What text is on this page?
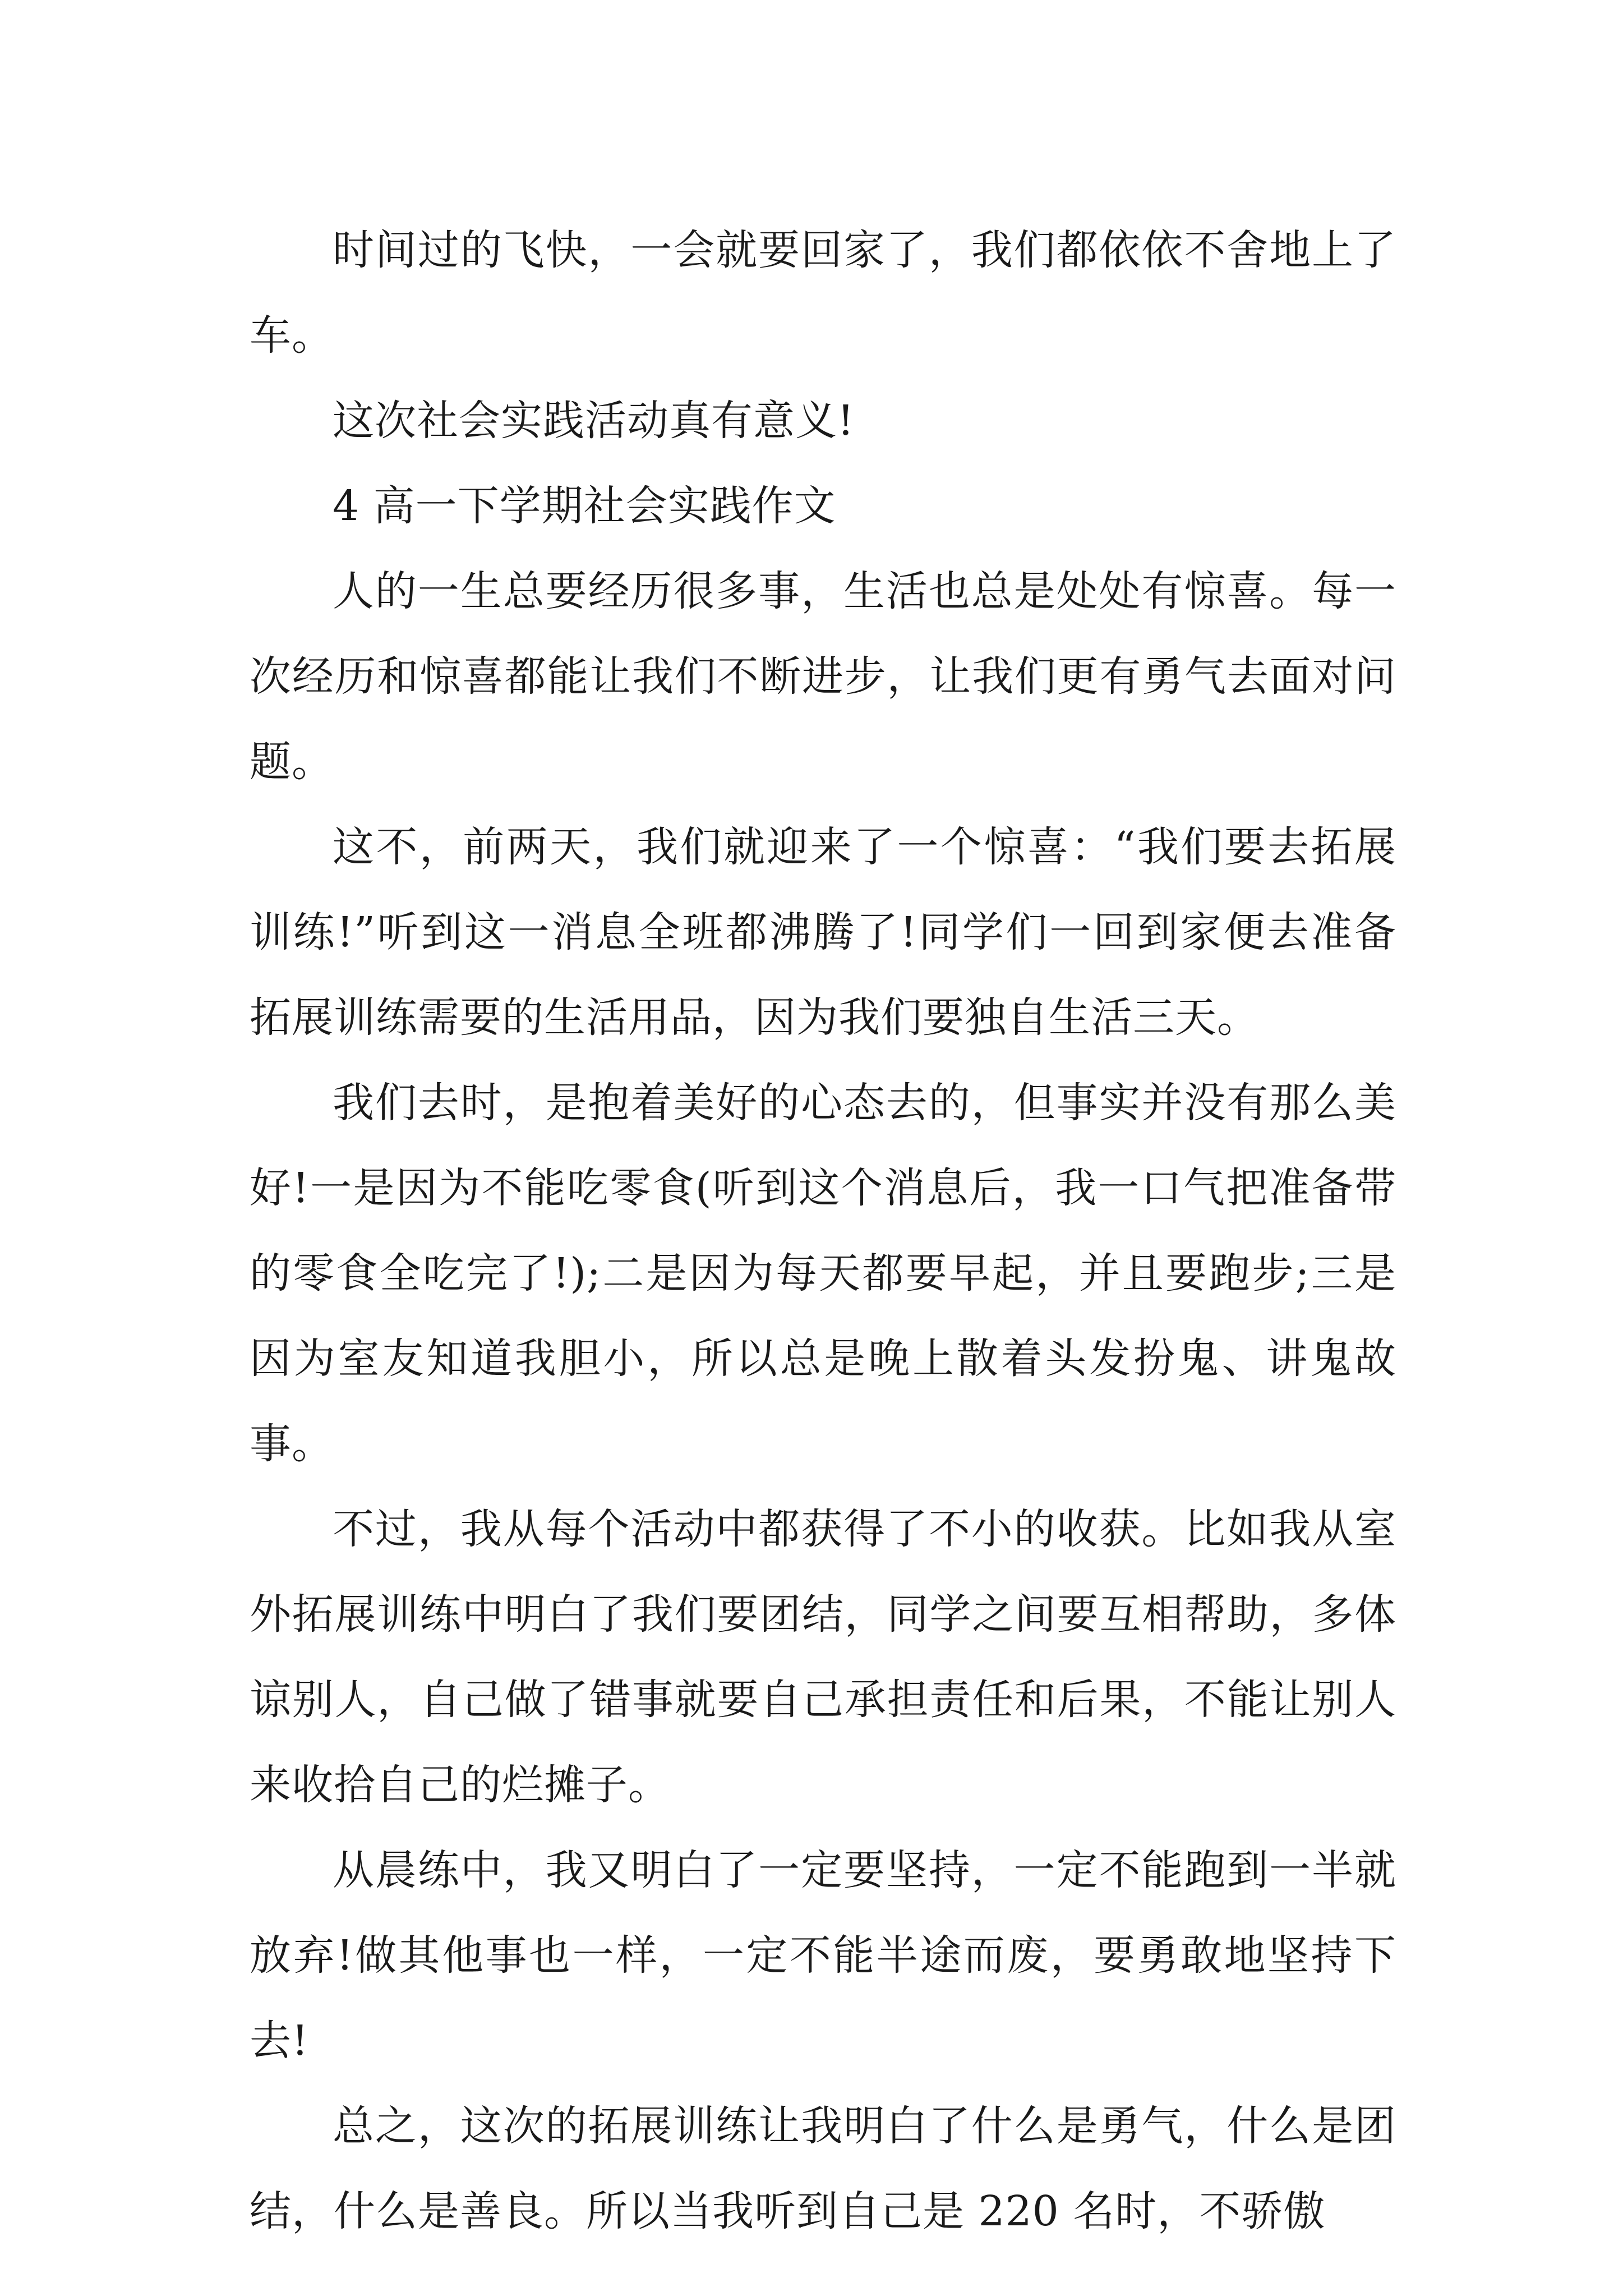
时间过的飞快，一会就要回家了，我们都依依不舍地上了车。

这次社会实践活动真有意义!

4 高一下学期社会实践作文

人的一生总要经历很多事，生活也总是处处有惊喜。每一次经历和惊喜都能让我们不断进步，让我们更有勇气去面对问题。

这不，前两天，我们就迎来了一个惊喜：“我们要去拓展训练!”听到这一消息全班都沸腾了!同学们一回到家便去准备拓展训练需要的生活用品，因为我们要独自生活三天。

我们去时，是抱着美好的心态去的，但事实并没有那么美好!一是因为不能吃零食(听到这个消息后，我一口气把准备带的零食全吃完了!);二是因为每天都要早起，并且要跑步;三是因为室友知道我胆小，所以总是晚上散着头发扮鬼、讲鬼故事。

不过，我从每个活动中都获得了不小的收获。比如我从室外拓展训练中明白了我们要团结，同学之间要互相帮助，多体谅别人，自己做了错事就要自己承担责任和后果，不能让别人来收拾自己的烂摊子。

从晨练中，我又明白了一定要坚持，一定不能跑到一半就放弃!做其他事也一样，一定不能半途而废，要勇敢地坚持下去!

总之，这次的拓展训练让我明白了什么是勇气，什么是团结，什么是善良。所以当我听到自己是 220 名时，不骄傲
